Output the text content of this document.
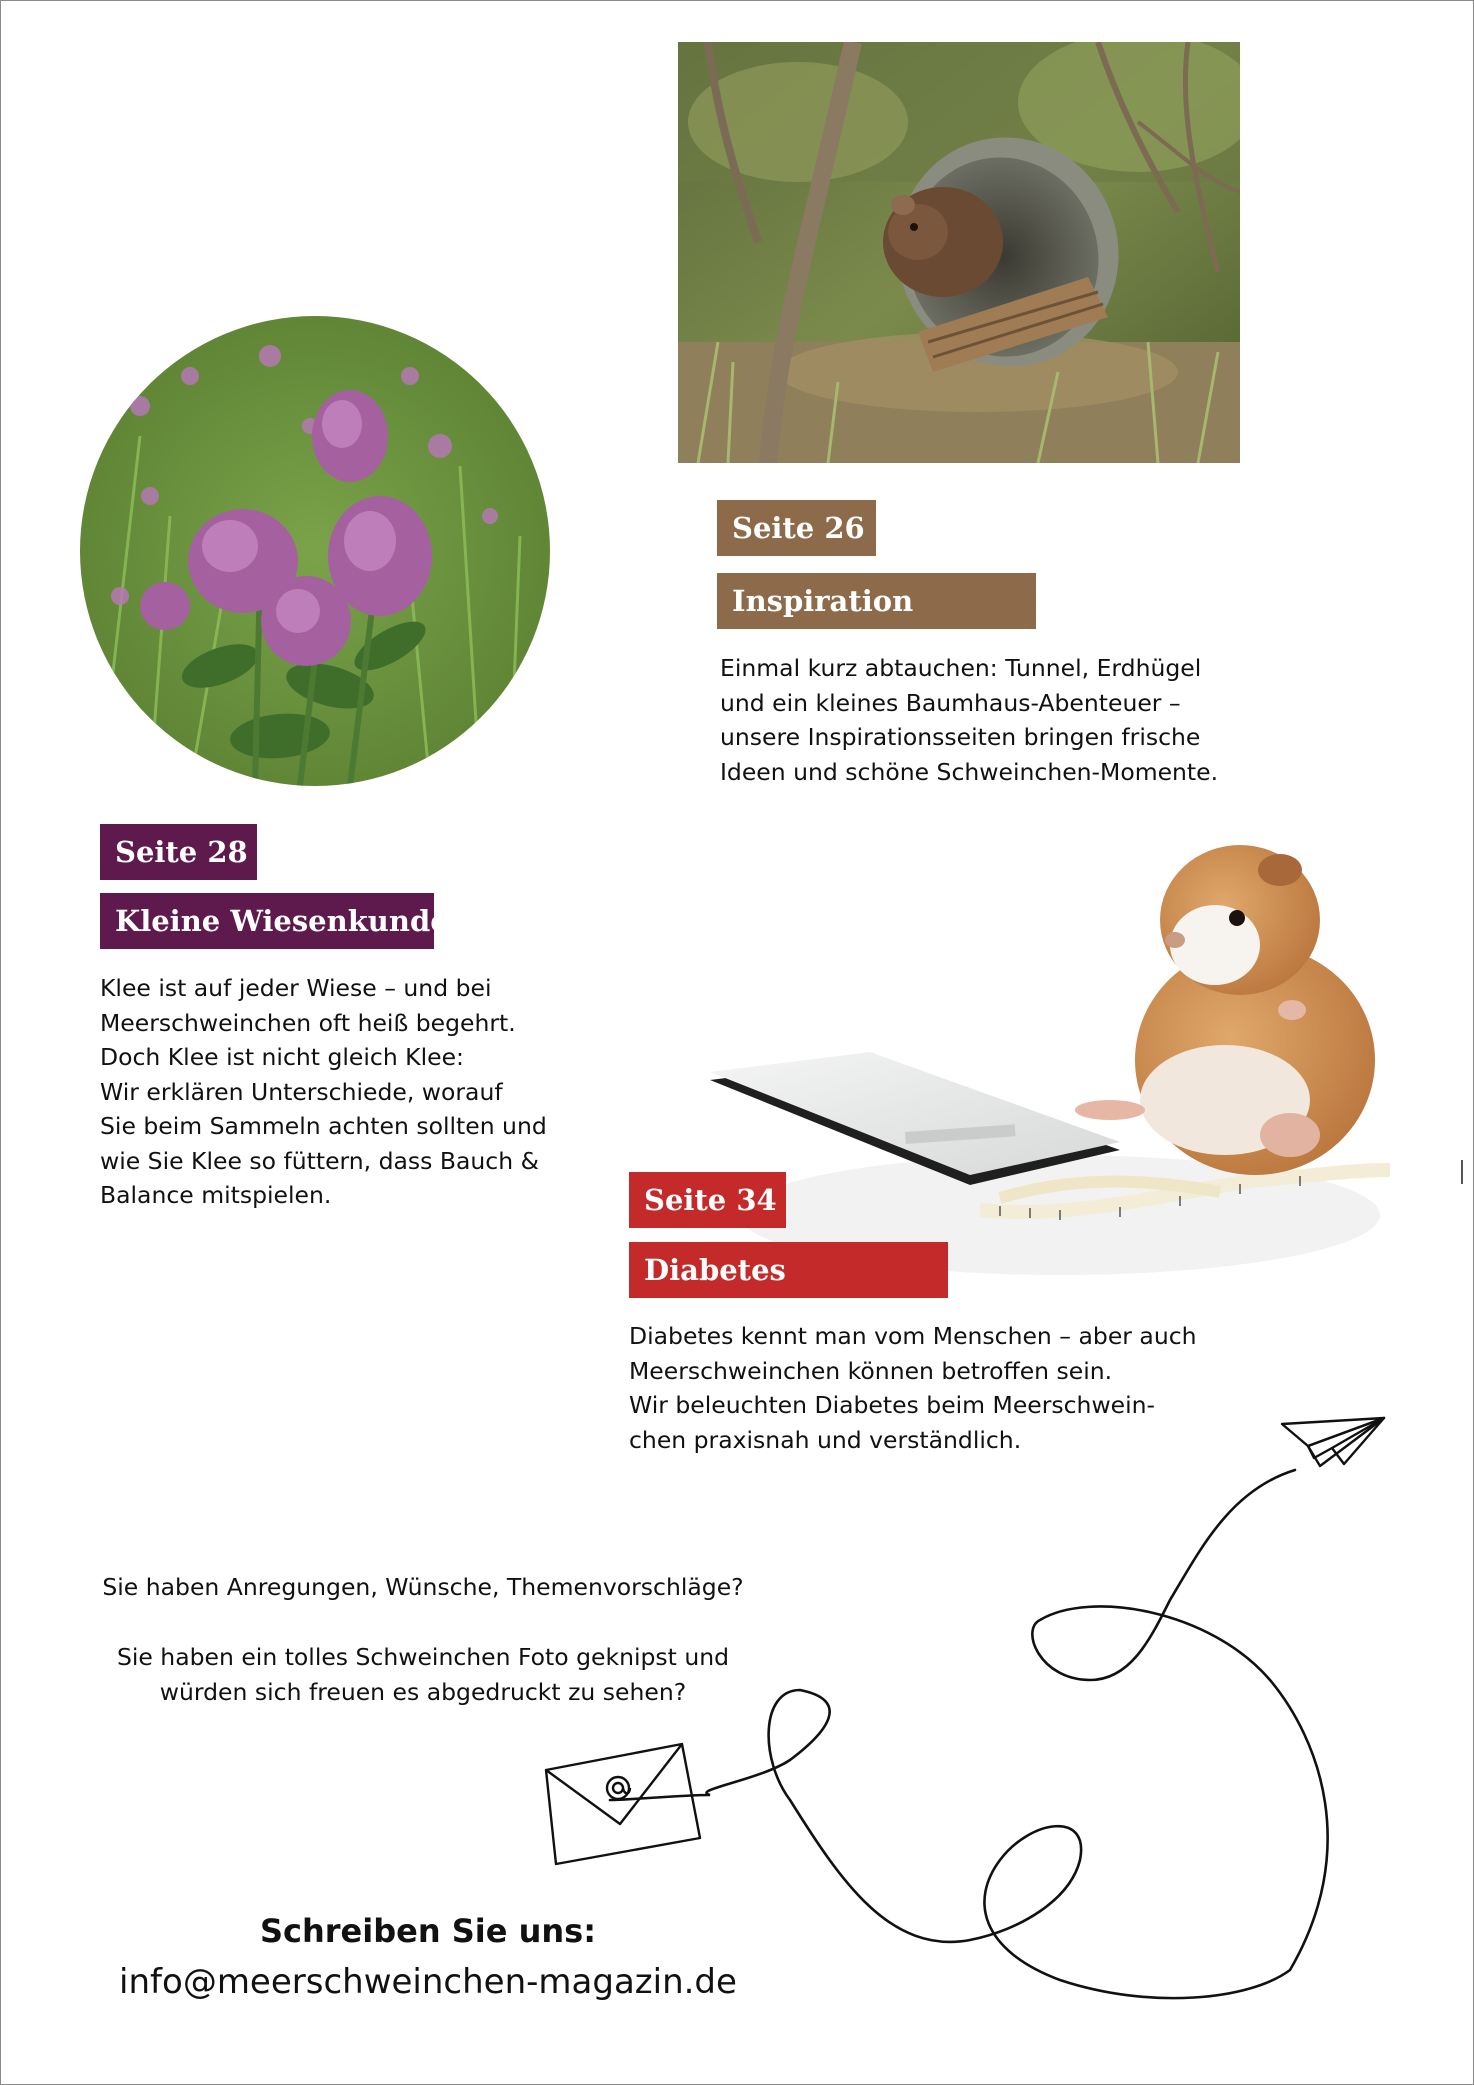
Seite 26
Inspiration
Einmal kurz abtauchen: Tunnel, Erdhügel
und ein kleines Baumhaus-Abenteuer –
unsere Inspirationsseiten bringen frische
Ideen und schöne Schweinchen-Momente.
Seite 28
Kleine Wiesenkunde
Klee ist auf jeder Wiese – und bei
Meerschweinchen oft heiß begehrt.
Doch Klee ist nicht gleich Klee:
Wir erklären Unterschiede, worauf
Sie beim Sammeln achten sollten und
wie Sie Klee so füttern, dass Bauch &
Balance mitspielen.	Seite 34
Diabetes
Diabetes kennt man vom Menschen – aber auch
Meerschweinchen können betroffen sein.
Wir beleuchten Diabetes beim Meerschwein-
chen praxisnah und verständlich.
Sie haben Anregungen, Wünsche, Themenvorschläge?
Sie haben ein tolles Schweinchen Foto geknipst und
würden sich freuen es abgedruckt zu sehen?
Schreiben Sie uns:
info@meerschweinchen-magazin.de
